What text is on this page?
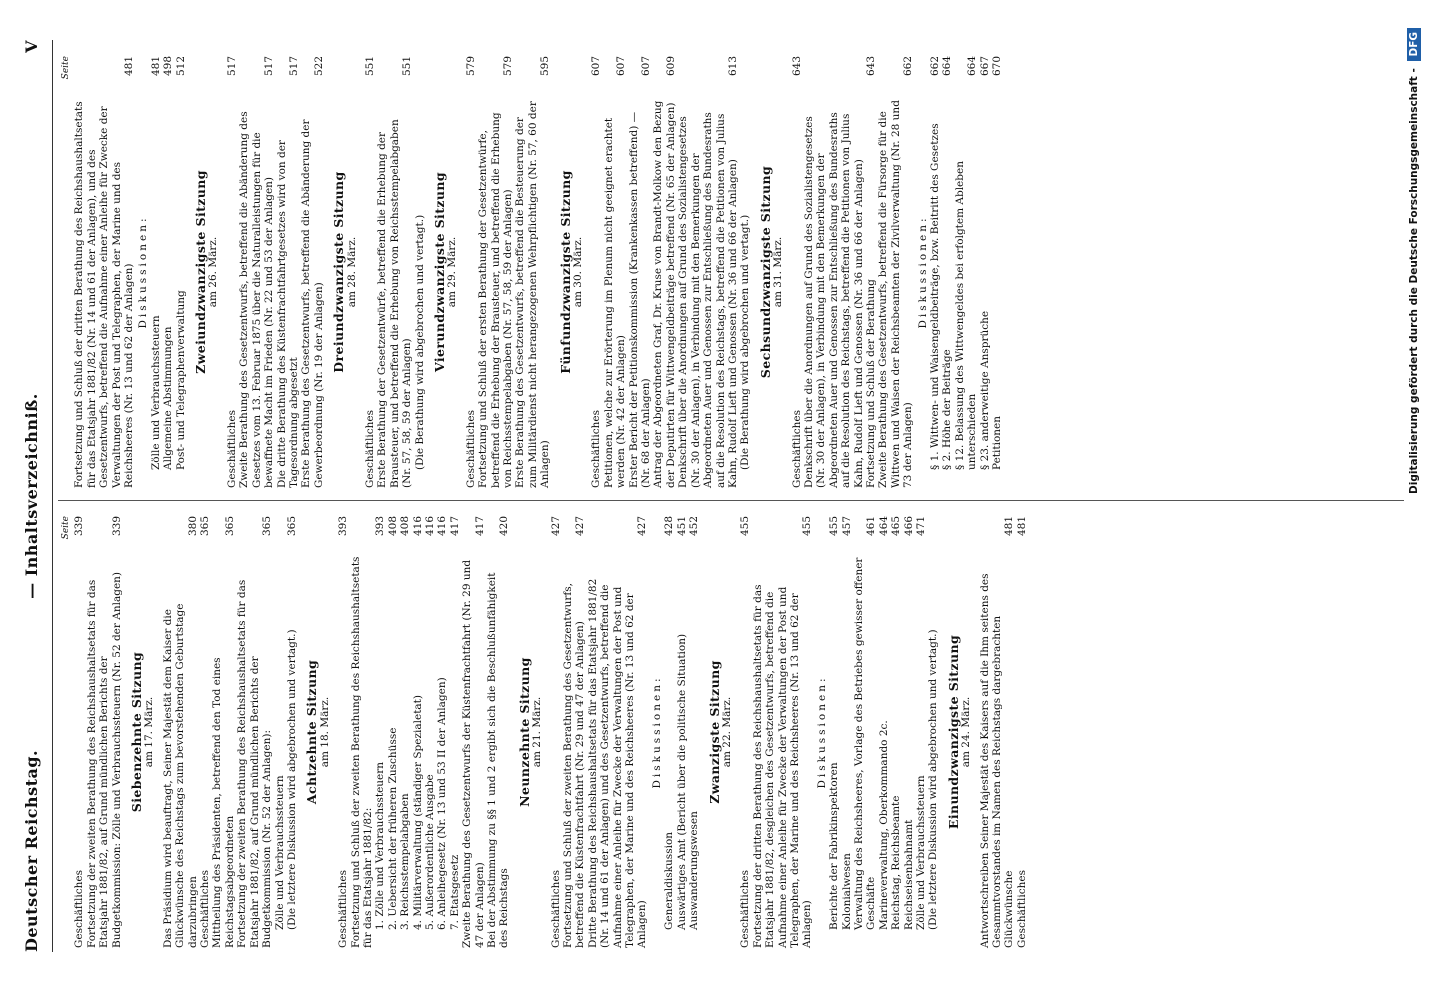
Deutscher Reichstag.
— Inhaltsverzeichniß.
V
Seite
Geschäftliches
339
Fortsetzung der zweiten Berathung des Reichshaushaltsetats für das Etatsjahr 1881/82, auf Grund mündlichen Berichts der Budgetkommission: Zölle und Verbrauchssteuern (Nr. 52 der Anlagen)
339
Siebenzehnte Sitzung am 17. März. Das Präsidium wird beauftragt, Seiner Majestät dem Kaiser die Glückwünsche des Reichstags zum bevorstehenden Geburtstage darzubringen
380
Geschäftliches
365
Mittheilung des Präsidenten, betreffend den Tod eines Reichstagsabgeordneten
365
Fortsetzung der zweiten Berathung des Reichshaushaltsetats für das Etatsjahr 1881/82, auf Grund mündlichen Berichts der Budgetkommission (Nr. 52 der Anlagen):
365
Zölle und Verbrauchssteuern (Die letztere Diskussion wird abgebrochen und vertagt.)
365
Achtzehnte Sitzung am 18. März.
Geschäftliches
393
Fortsetzung und Schluß der zweiten Berathung des Reichshaushaltsetats für das Etatsjahr 1881/82: 1. Zölle und Verbrauchssteuern
393
2. Uebersicht der früheren Zuschüsse
408
3. Reichsstempelabgaben
408
4. Militärverwaltung (ständiger Spezialetat)
416
5. Außerordentliche Ausgabe
416
6. Anleihegesetz (Nr. 13 und 53 II der Anlagen)
416
7. Etatsgesetz
417
Zweite Berathung des Gesetzentwurfs der Küstenfrachtfahrt (Nr. 29 und 47 der Anlagen)
417
Bei der Abstimmung zu §§ 1 und 2 ergibt sich die Beschlußunfähigkeit des Reichstags
420
Neunzehnte Sitzung am 21. März.
Geschäftliches
427
Fortsetzung und Schluß der zweiten Berathung des Gesetzentwurfs, betreffend die Küstenfrachtfahrt (Nr. 29 und 47 der Anlagen)
427
Dritte Berathung des Reichshaushaltsetats für das Etatsjahr 1881/82 (Nr. 14 und 61 der Anlagen) und des Gesetzentwurfs, betreffend die Aufnahme einer Anleihe für Zwecke der Verwaltungen der Post und Telegraphen, der Marine und des Reichsheeres (Nr. 13 und 62 der Anlagen)
427
Diskussionen:
Generaldiskussion
428
Auswärtiges Amt (Bericht über die politische Situation)
451
Auswanderungswesen
452
Zwanzigste Sitzung am 22. März.
Geschäftliches
455
Fortsetzung der dritten Berathung des Reichshaushaltsetats für das Etatsjahr 1881/82, desgleichen des Gesetzentwurfs, betreffend die Aufnahme einer Anleihe für Zwecke der Verwaltungen der Post und Telegraphen, der Marine und des Reichsheeres (Nr. 13 und 62 der Anlagen)
455
Diskussionen:
Berichte der Fabrikinspektoren
455
Kolonialwesen
457
Verwaltung des Reichsheeres, Vorlage des Betriebes gewisser offener Geschäfte
461
Marineverwaltung, Oberkommando 2c.
464
Reichstag, Reichsbeamte
465
Reichseisenbahnamt
466
Zölle und Verbrauchssteuern
471
(Die letztere Diskussion wird abgebrochen und vertagt.) Einundzwanzigste Sitzung am 24. März. Antwortschreiben Seiner Majestät des Kaisers auf die Ihm seitens des Gesammtvorstandes im Namen des Reichstags dargebrachten Glückwünsche
481
Geschäftliches
481
Seite
Fortsetzung und Schluß der dritten Berathung des Reichshaushaltsetats für das Etatsjahr 1881/82 (Nr. 14 und 61 der Anlagen), und des Gesetzentwurfs, betreffend die Aufnahme einer Anleihe für Zwecke der Verwaltungen der Post und Telegraphen, der Marine und des Reichsheeres (Nr. 13 und 62 der Anlagen)
481
Diskussionen:
Zölle und Verbrauchssteuern
481
Allgemeine Abstimmungen
498
Post- und Telegraphenverwaltung
512
Zweiundzwanzigste Sitzung am 26. März.
Geschäftliches
517
Zweite Berathung des Gesetzentwurfs, betreffend die Abänderung des Gesetzes vom 13. Februar 1875 über die Naturalleistungen für die bewaffnete Macht im Frieden (Nr. 22 und 53 der Anlagen)
517
Die dritte Berathung des Küstenfrachtfahrtgesetzes wird von der Tagesordnung abgesetzt
517
Erste Berathung des Gesetzentwurfs, betreffend die Abänderung der Gewerbeordnung (Nr. 19 der Anlagen)
522
Dreiundzwanzigste Sitzung am 28. März.
Geschäftliches
551
Erste Berathung der Gesetzentwürfe, betreffend die Erhebung der Brausteuer, und betreffend die Erhebung von Reichsstempelabgaben (Nr. 57, 58, 59 der Anlagen)
551
(Die Berathung wird abgebrochen und vertagt.) Vierundzwanzigste Sitzung am 29. März.
Geschäftliches
579
Fortsetzung und Schluß der ersten Berathung der Gesetzentwürfe, betreffend die Erhebung der Brausteuer, und betreffend die Erhebung von Reichsstempelabgaben (Nr. 57, 58, 59 der Anlagen)
579
Erste Berathung des Gesetzentwurfs, betreffend die Besteuerung der zum Militärdienst nicht herangezogenen Wehrpflichtigen (Nr. 57, 60 der Anlagen)
595
Fünfundzwanzigste Sitzung am 30. März.
Geschäftliches
607
Petitionen, welche zur Erörterung im Plenum nicht geeignet erachtet werden (Nr. 42 der Anlagen)
607
Erster Bericht der Petitionskommission (Krankenkassen betreffend) — (Nr. 68 der Anlagen)
607
Antrag der Abgeordneten Graf, Dr. Kruse von Brandt-Molkow den Bezug der Deputirten für Wittwengeldbeiträge betreffend (Nr. 65 der Anlagen)
609
Denkschrift über die Anordnungen auf Grund des Sozialistengesetzes (Nr. 30 der Anlagen), in Verbindung mit den Bemerkungen der Abgeordneten Auer und Genossen zur Entschließung des Bundesraths auf die Resolution des Reichstags, betreffend die Petitionen von Julius Kahn, Rudolf Lieft und Genossen (Nr. 36 und 66 der Anlagen)
613
(Die Berathung wird abgebrochen und vertagt.) Sechsundzwanzigste Sitzung am 31. März.
Geschäftliches
643
Denkschrift über die Anordnungen auf Grund des Sozialistengesetzes (Nr. 30 der Anlagen), in Verbindung mit den Bemerkungen der Abgeordneten Auer und Genossen zur Entschließung des Bundesraths auf die Resolution des Reichstags, betreffend die Petitionen von Julius Kahn, Rudolf Lieft und Genossen (Nr. 36 und 66 der Anlagen) Fortsetzung und Schluß der Berathung
643
Zweite Berathung des Gesetzentwurfs, betreffend die Fürsorge für die Wittwen und Waisen der Reichsbeamten der Zivilverwaltung (Nr. 28 und 73 der Anlagen)
662
Diskussionen: § 1. Wittwen- und Waisengeldbeiträge, bzw. Beitritt des Gesetzes
662
§ 2. Höhe der Beiträge
664
§ 12. Belassung des Wittwengeldes bei erfolgtem Ableben unterschieden
664
§ 23. anderweitige Ansprüche
667
Petitionen
670
Digitalisierung gefördert durch die Deutsche Forschungsgemeinschaft - DFG
